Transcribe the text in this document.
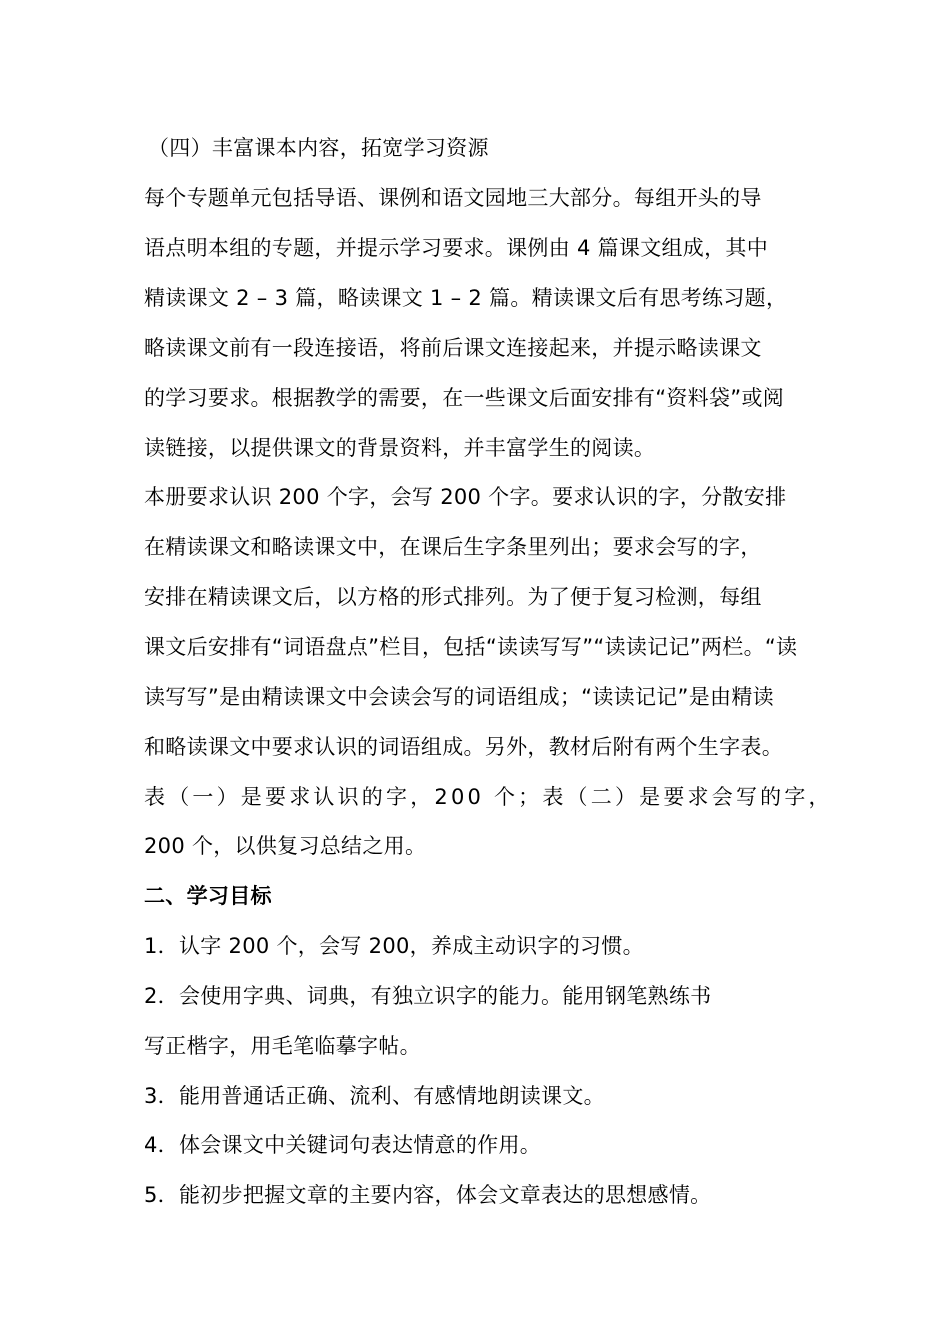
（四）丰富课本内容，拓宽学习资源
每个专题单元包括导语、课例和语文园地三大部分。每组开头的导
语点明本组的专题，并提示学习要求。课例由 4 篇课文组成，其中
精读课文 2 – 3 篇，略读课文 1 – 2 篇。精读课文后有思考练习题，
略读课文前有一段连接语，将前后课文连接起来，并提示略读课文
的学习要求。根据教学的需要，在一些课文后面安排有“资料袋”或阅
读链接，以提供课文的背景资料，并丰富学生的阅读。
本册要求认识 200 个字，会写 200 个字。要求认识的字，分散安排
在精读课文和略读课文中，在课后生字条里列出；要求会写的字，
安排在精读课文后，以方格的形式排列。为了便于复习检测，每组
课文后安排有“词语盘点”栏目，包括“读读写写”“读读记记”两栏。“读
读写写”是由精读课文中会读会写的词语组成；“读读记记”是由精读
和略读课文中要求认识的词语组成。另外，教材后附有两个生字表。
表（一）是要求认识的字，200 个；表（二）是要求会写的字，
200 个，以供复习总结之用。
二、学习目标
1．认字 200 个，会写 200，养成主动识字的习惯。
2．会使用字典、词典，有独立识字的能力。能用钢笔熟练书
写正楷字，用毛笔临摹字帖。
3．能用普通话正确、流利、有感情地朗读课文。
4．体会课文中关键词句表达情意的作用。
5．能初步把握文章的主要内容，体会文章表达的思想感情。
